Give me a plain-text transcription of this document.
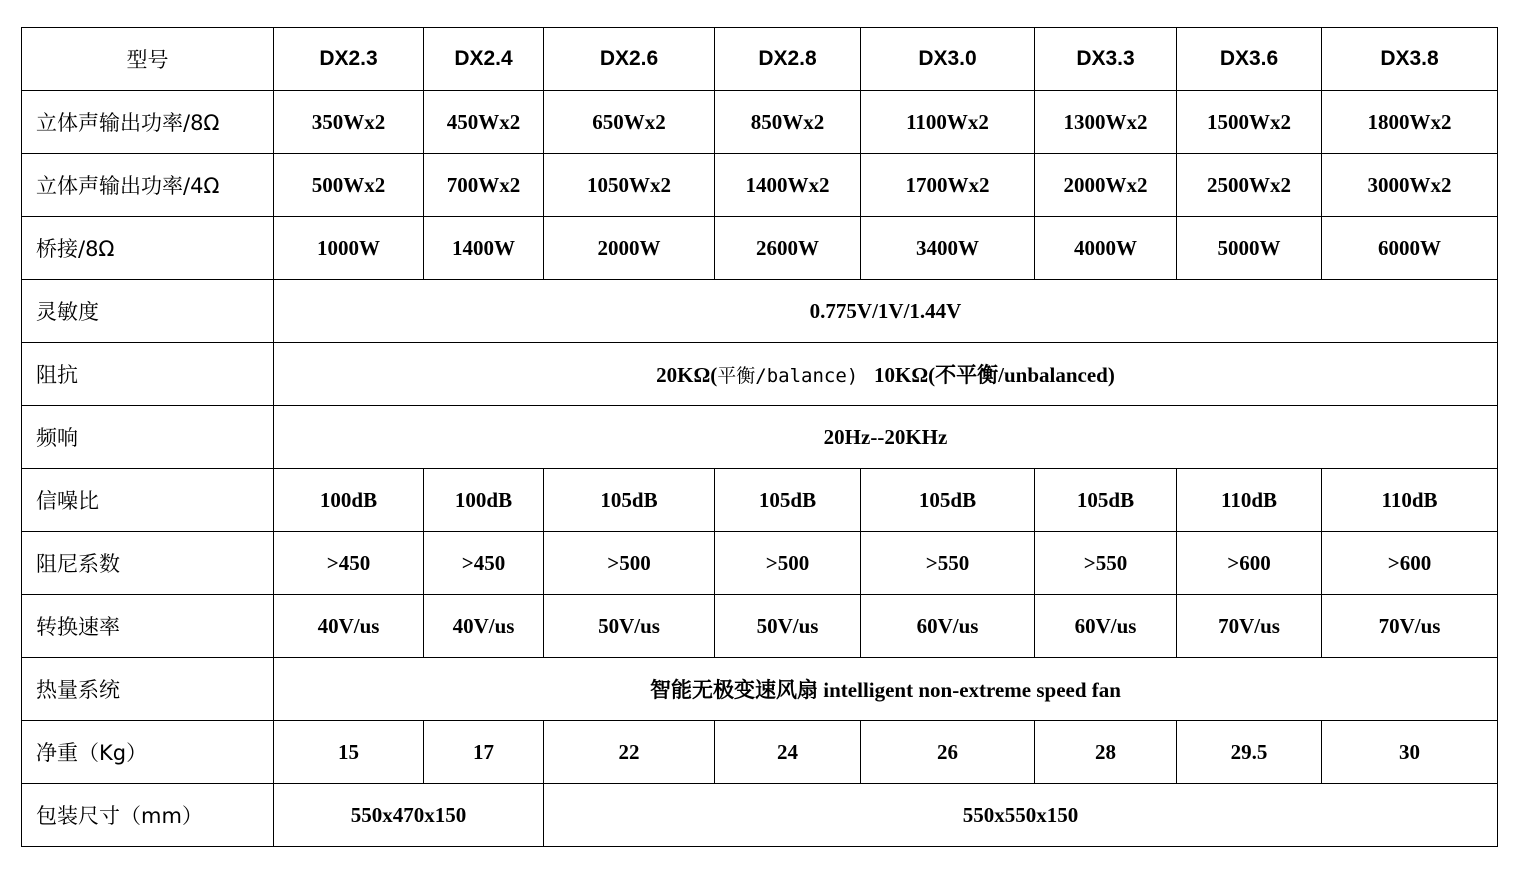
型号	DX2.3	DX2.4	DX2.6	DX2.8	DX3.0	DX3.3	DX3.6	DX3.8
立体声输出功率/8Ω	350Wx2	450Wx2	650Wx2	850Wx2	1100Wx2	1300Wx2	1500Wx2	1800Wx2
立体声输出功率/4Ω	500Wx2	700Wx2	1050Wx2	1400Wx2	1700Wx2	2000Wx2	2500Wx2	3000Wx2
桥接/8Ω	1000W	1400W	2000W	2600W	3400W	4000W	5000W	6000W
灵敏度	0.775V/1V/1.44V							
阻抗	20KΩ(平衡/balance) 10KΩ(不平衡/unbalanced)							
频响	20Hz--20KHz							
信噪比	100dB	100dB	105dB	105dB	105dB	105dB	110dB	110dB
阻尼系数	>450	>450	>500	>500	>550	>550	>600	>600
转换速率	40V/us	40V/us	50V/us	50V/us	60V/us	60V/us	70V/us	70V/us
热量系统	智能无极变速风扇 intelligent non-extreme speed fan							
净重（Kg）	15	17	22	24	26	28	29.5	30
包装尺寸（mm）	550x470x150		550x550x150					
